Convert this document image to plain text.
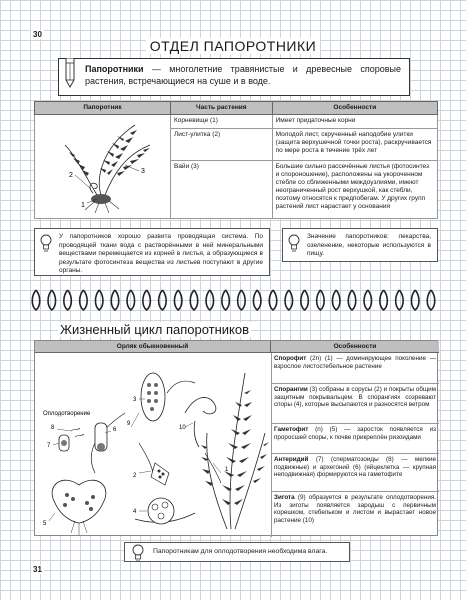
30
31
ОТДЕЛ ПАПОРОТНИКИ
Папоротники — многолетние травянистые и древесные споровые растения, встречающиеся на суше и в воде.
Папоротник	Часть растения	Особенности

2
3
1	Корневище (1)	Имеет придаточные корни
	Лист-улитка (2)	Молодой лист, скрученный наподобие улитки (защита верхушечной точки роста), раскручивается по мере роста в течение трёх лет
	Вайи (3)	Большие сильно рассечённые листья (фотосинтез и спороношение), расположены на укороченном стебле со сближенными междоузлиями, имеют неограниченный рост верхушкой, как стебли, поэтому относятся к предпобегам. У других групп растений лист нарастает у основания
У папоротников хорошо развита проводящая система. По проводящей ткани вода с растворёнными в ней минеральными веществами перемещается из корней в листья, а образующиеся в результате фотосинтеза вещества из листьев поступают в другие органы.
Значение папоротников: лекарства, озеленение, некоторые используются в пищу.
Жизненный цикл папоротников
Орляк обыкновенный	Особенности
Оплодотворение
1
2
3
4
5
6
7
8
9
10
Спорофит (2n) (1) — доминирующее поколение — взрослое листостебельное растение
Спорангии (3) собраны в сорусы (2) и покрыты общим защитным покрывальцем. В спорангиях созревают споры (4), которые высыпаются и разносятся ветром
Гаметофит (n) (5) — заросток появляется из проросшей споры, к почве прикреплён ризоидами
Антеридий (7) (сперматозоиды (8) — мелкие подвижные) и архегоний (6) (яйцеклетка — крупная неподвижная) формируются на гаметофите
Зигота (9) образуется в результате оплодотворения. Из зиготы появляется зародыш с первичным корешком, стебельком и листом и вырастает новое растение (10)
Папоротникам для оплодотворения необходима влага.
